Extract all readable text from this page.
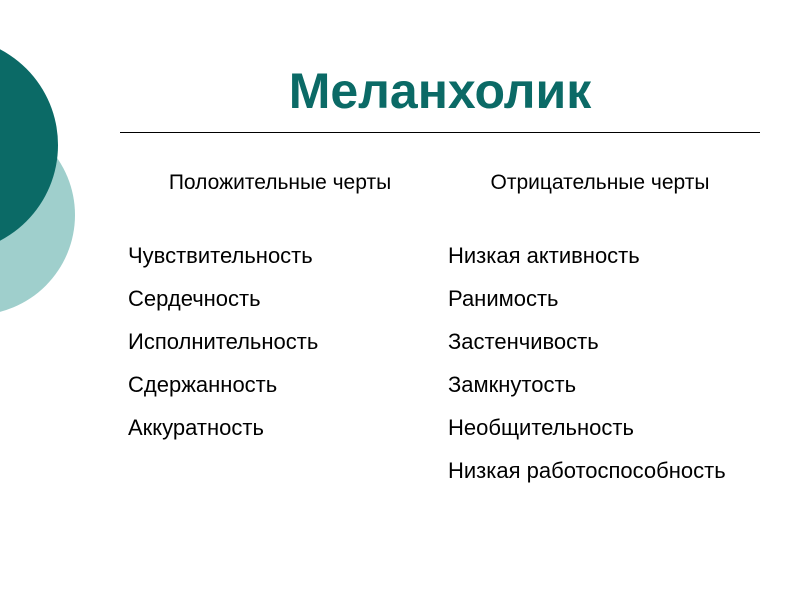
Меланхолик
Положительные черты	Отрицательные черты
Чувствительность
Сердечность
Исполнительность
Сдержанность
Аккуратность
Низкая активность
Ранимость
Застенчивость
Замкнутость
Необщительность
Низкая работоспособность
